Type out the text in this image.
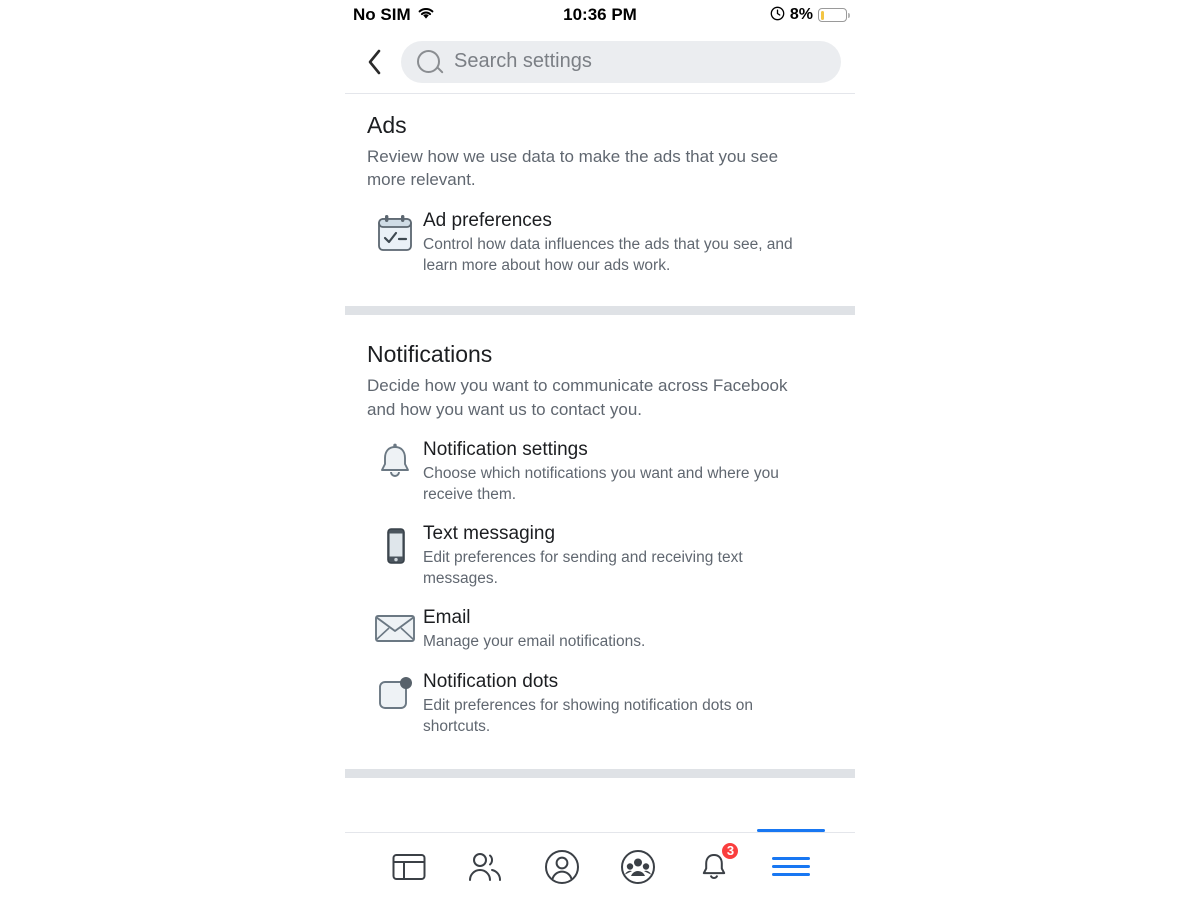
No SIM	10:36 PM	8%
Search settings
Ads
Review how we use data to make the ads that you see more relevant.
Ad preferences
Control how data influences the ads that you see, and learn more about how our ads work.
Notifications
Decide how you want to communicate across Facebook and how you want us to contact you.
Notification settings
Choose which notifications you want and where you receive them.
Text messaging
Edit preferences for sending and receiving text messages.
Email
Manage your email notifications.
Notification dots
Edit preferences for showing notification dots on shortcuts.
3
